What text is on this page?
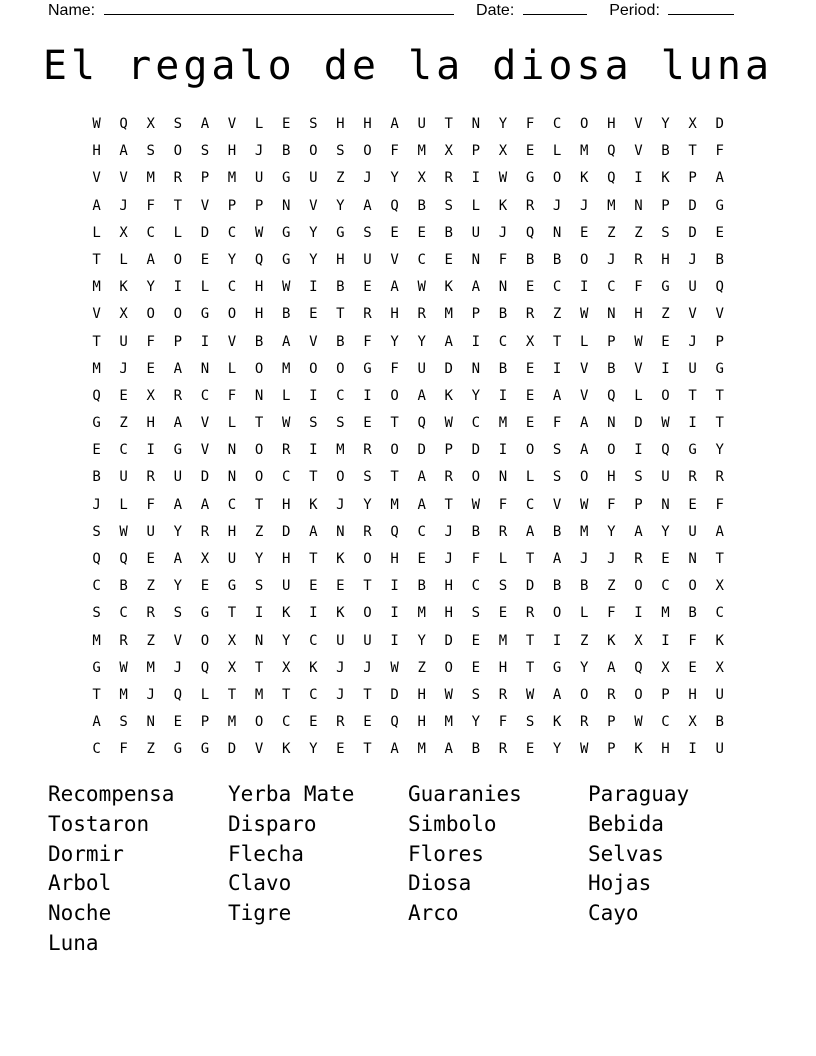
Name:	Date:	Period:
El regalo de la diosa luna
W	Q	X	S	A	V	L	E	S	H	H	A	U	T	N	Y	F	C	O	H	V	Y	X	D
H	A	S	O	S	H	J	B	O	S	O	F	M	X	P	X	E	L	M	Q	V	B	T	F
V	V	M	R	P	M	U	G	U	Z	J	Y	X	R	I	W	G	O	K	Q	I	K	P	A
A	J	F	T	V	P	P	N	V	Y	A	Q	B	S	L	K	R	J	J	M	N	P	D	G
L	X	C	L	D	C	W	G	Y	G	S	E	E	B	U	J	Q	N	E	Z	Z	S	D	E
T	L	A	O	E	Y	Q	G	Y	H	U	V	C	E	N	F	B	B	O	J	R	H	J	B
M	K	Y	I	L	C	H	W	I	B	E	A	W	K	A	N	E	C	I	C	F	G	U	Q
V	X	O	O	G	O	H	B	E	T	R	H	R	M	P	B	R	Z	W	N	H	Z	V	V
T	U	F	P	I	V	B	A	V	B	F	Y	Y	A	I	C	X	T	L	P	W	E	J	P
M	J	E	A	N	L	O	M	O	O	G	F	U	D	N	B	E	I	V	B	V	I	U	G
Q	E	X	R	C	F	N	L	I	C	I	O	A	K	Y	I	E	A	V	Q	L	O	T	T
G	Z	H	A	V	L	T	W	S	S	E	T	Q	W	C	M	E	F	A	N	D	W	I	T
E	C	I	G	V	N	O	R	I	M	R	O	D	P	D	I	O	S	A	O	I	Q	G	Y
B	U	R	U	D	N	O	C	T	O	S	T	A	R	O	N	L	S	O	H	S	U	R	R
J	L	F	A	A	C	T	H	K	J	Y	M	A	T	W	F	C	V	W	F	P	N	E	F
S	W	U	Y	R	H	Z	D	A	N	R	Q	C	J	B	R	A	B	M	Y	A	Y	U	A
Q	Q	E	A	X	U	Y	H	T	K	O	H	E	J	F	L	T	A	J	J	R	E	N	T
C	B	Z	Y	E	G	S	U	E	E	T	I	B	H	C	S	D	B	B	Z	O	C	O	X
S	C	R	S	G	T	I	K	I	K	O	I	M	H	S	E	R	O	L	F	I	M	B	C
M	R	Z	V	O	X	N	Y	C	U	U	I	Y	D	E	M	T	I	Z	K	X	I	F	K
G	W	M	J	Q	X	T	X	K	J	J	W	Z	O	E	H	T	G	Y	A	Q	X	E	X
T	M	J	Q	L	T	M	T	C	J	T	D	H	W	S	R	W	A	O	R	O	P	H	U
A	S	N	E	P	M	O	C	E	R	E	Q	H	M	Y	F	S	K	R	P	W	C	X	B
C	F	Z	G	G	D	V	K	Y	E	T	A	M	A	B	R	E	Y	W	P	K	H	I	U
Recompensa	Yerba Mate	Guaranies	Paraguay
Tostaron	Disparo	Simbolo	Bebida
Dormir	Flecha	Flores	Selvas
Arbol	Clavo	Diosa	Hojas
Noche	Tigre	Arco	Cayo
Luna
